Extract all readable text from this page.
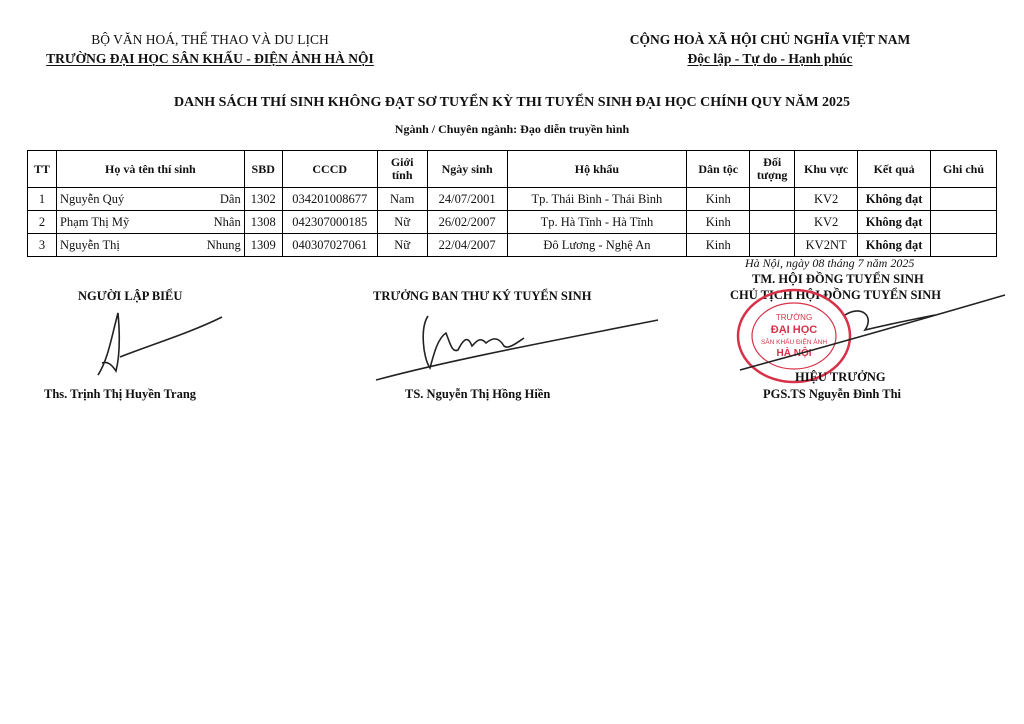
BỘ VĂN HOÁ, THỂ THAO VÀ DU LỊCH
TRƯỜNG ĐẠI HỌC SÂN KHẤU - ĐIỆN ẢNH HÀ NỘI
CỘNG HOÀ XÃ HỘI CHỦ NGHĨA VIỆT NAM
Độc lập - Tự do - Hạnh phúc
DANH SÁCH THÍ SINH KHÔNG ĐẠT SƠ TUYỂN KỲ THI TUYỂN SINH ĐẠI HỌC CHÍNH QUY NĂM 2025
Ngành / Chuyên ngành: Đạo diễn truyền hình
TT	Họ và tên thí sinh	SBD	CCCD	Giới tính	Ngày sinh	Hộ khẩu	Dân tộc	Đối tượng	Khu vực	Kết quả	Ghi chú
1	Nguyễn Quý Dân	1302	034201008677	Nam	24/07/2001	Tp. Thái Bình - Thái Bình	Kinh		KV2	Không đạt	
2	Phạm Thị Mỹ Nhân	1308	042307000185	Nữ	26/02/2007	Tp. Hà Tĩnh - Hà Tĩnh	Kinh		KV2	Không đạt	
3	Nguyễn Thị Nhung	1309	040307027061	Nữ	22/04/2007	Đô Lương - Nghệ An	Kinh		KV2NT	Không đạt	
Hà Nội, ngày 08 tháng 7 năm 2025
NGƯỜI LẬP BIỂU
Ths. Trịnh Thị Huyền Trang
TRƯỞNG BAN THƯ KÝ TUYỂN SINH
TS. Nguyễn Thị Hồng Hiền
TM. HỘI ĐỒNG TUYỂN SINH
CHỦ TỊCH HỘI ĐỒNG TUYỂN SINH
TRƯỜNG
ĐẠI HỌC
SÂN KHẤU ĐIỆN ẢNH
HÀ NỘI
HIỆU TRƯỞNG
PGS.TS Nguyễn Đình Thi
